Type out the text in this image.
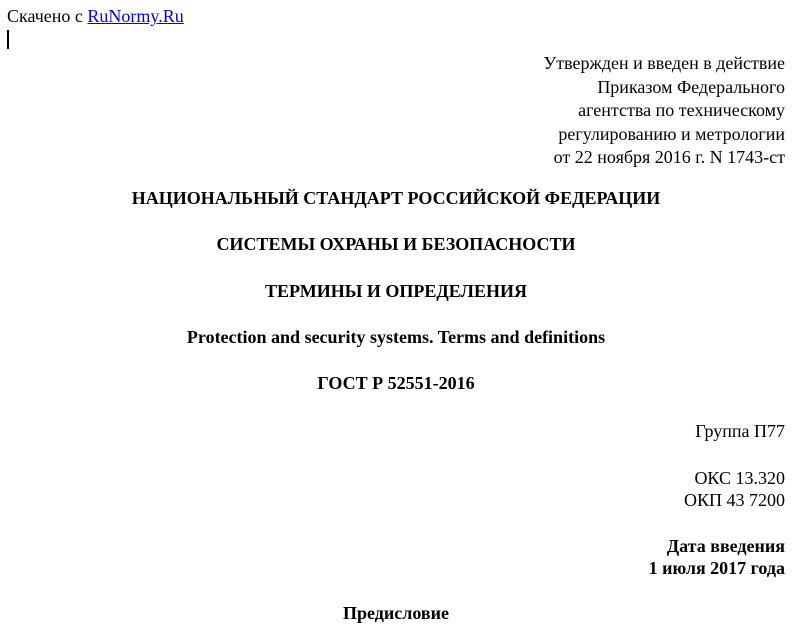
Скачено с RuNormy.Ru
Утвержден и введен в действие
Приказом Федерального
агентства по техническому
регулированию и метрологии
от 22 ноября 2016 г. N 1743-ст
НАЦИОНАЛЬНЫЙ СТАНДАРТ РОССИЙСКОЙ ФЕДЕРАЦИИ
СИСТЕМЫ ОХРАНЫ И БЕЗОПАСНОСТИ
ТЕРМИНЫ И ОПРЕДЕЛЕНИЯ
Protection and security systems. Terms and definitions
ГОСТ Р 52551-2016
Группа П77
ОКС 13.320
ОКП 43 7200
Дата введения
1 июля 2017 года
Предисловие
